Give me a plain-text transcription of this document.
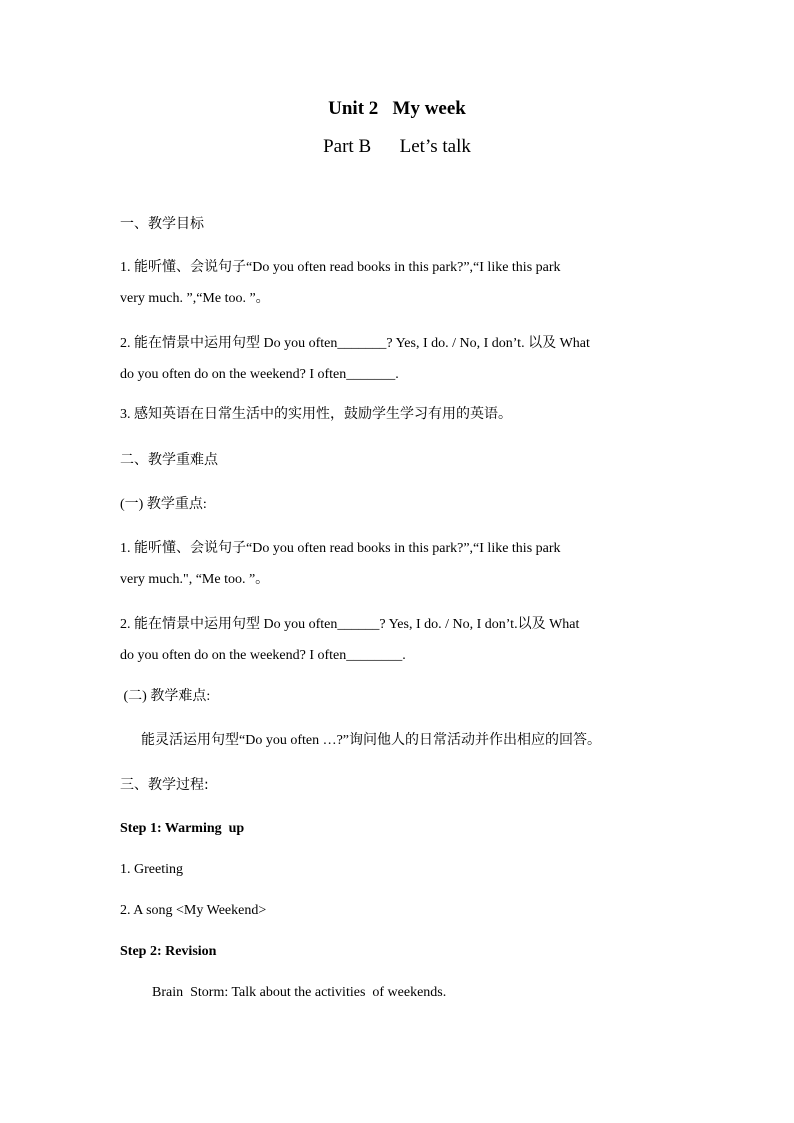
Unit 2   My week
Part B      Let’s talk
一、教学目标
1. 能听懂、会说句子“Do you often read books in this park?”,“I like this park
very much. ”,“Me too. ”。
2. 能在情景中运用句型 Do you often_______? Yes, I do. / No, I don’t. 以及 What
do you often do on the weekend? I often_______.
3. 感知英语在日常生活中的实用性，鼓励学生学习有用的英语。
二、教学重难点
(一) 教学重点:
1. 能听懂、会说句子“Do you often read books in this park?”,“I like this park
very much.", “Me too. ”。
2. 能在情景中运用句型 Do you often______? Yes, I do. / No, I don’t.以及 What
do you often do on the weekend? I often________.
(二) 教学难点:
能灵活运用句型“Do you often …?”询问他人的日常活动并作出相应的回答。
三、教学过程:
Step 1: Warming  up
1. Greeting
2. A song <My Weekend>
Step 2: Revision
Brain  Storm: Talk about the activities  of weekends.
